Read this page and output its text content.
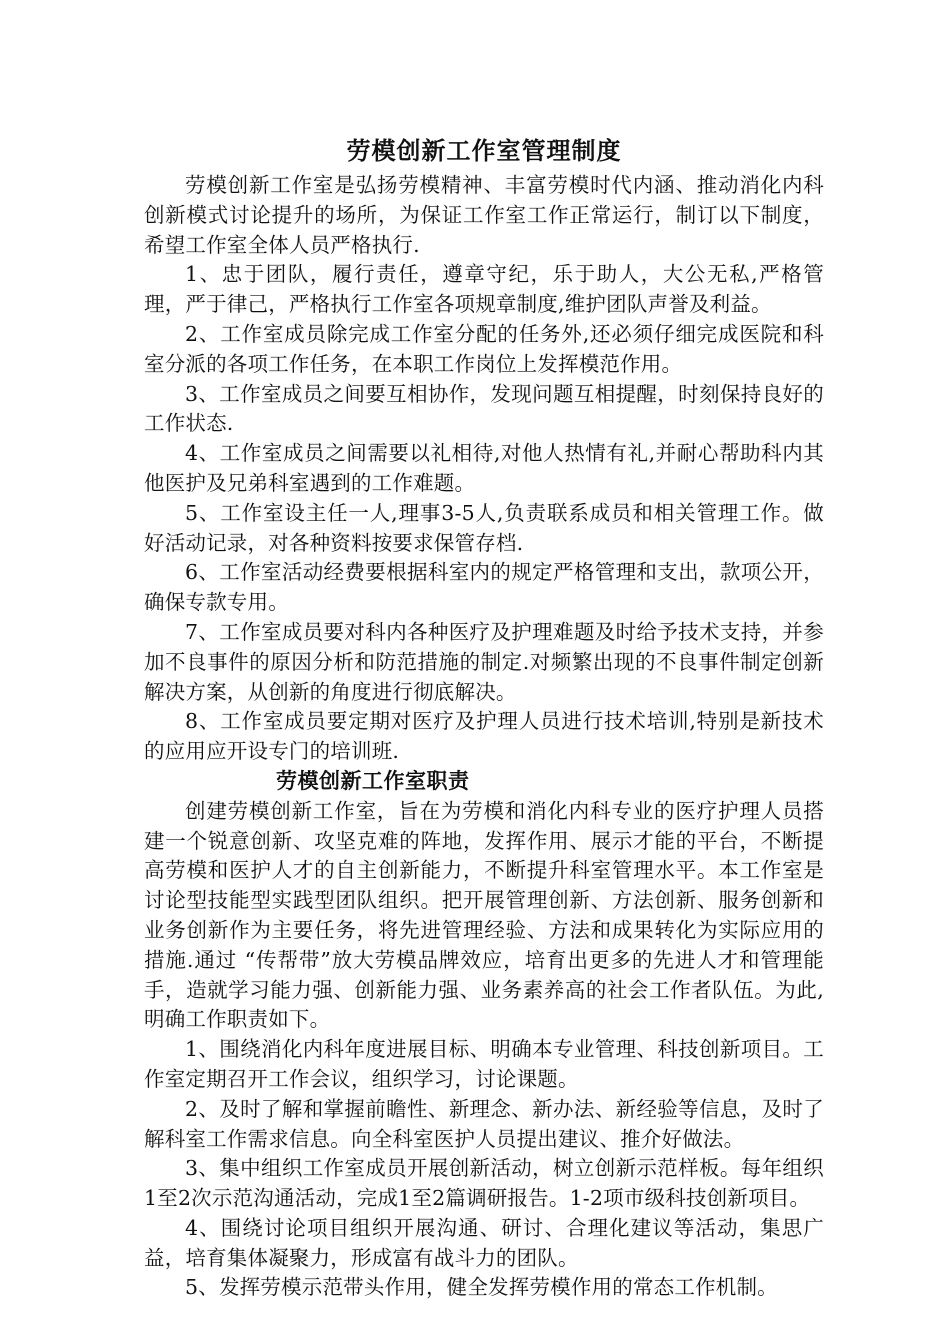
劳模创新工作室管理制度

劳模创新工作室是弘扬劳模精神、丰富劳模时代内涵、推动消化内科创新模式讨论提升的场所，为保证工作室工作正常运行，制订以下制度，希望工作室全体人员严格执行.

1、忠于团队，履行责任，遵章守纪，乐于助人，大公无私,严格管理，严于律己，严格执行工作室各项规章制度,维护团队声誉及利益。

2、工作室成员除完成工作室分配的任务外,还必须仔细完成医院和科室分派的各项工作任务，在本职工作岗位上发挥模范作用。

3、工作室成员之间要互相协作，发现问题互相提醒，时刻保持良好的工作状态.

4、工作室成员之间需要以礼相待,对他人热情有礼,并耐心帮助科内其他医护及兄弟科室遇到的工作难题。

5、工作室设主任一人,理事3-5人,负责联系成员和相关管理工作。做好活动记录，对各种资料按要求保管存档.

6、工作室活动经费要根据科室内的规定严格管理和支出，款项公开，确保专款专用。

7、工作室成员要对科内各种医疗及护理难题及时给予技术支持，并参加不良事件的原因分析和防范措施的制定.对频繁出现的不良事件制定创新解决方案，从创新的角度进行彻底解决。

8、工作室成员要定期对医疗及护理人员进行技术培训,特别是新技术的应用应开设专门的培训班.

劳模创新工作室职责

创建劳模创新工作室，旨在为劳模和消化内科专业的医疗护理人员搭建一个锐意创新、攻坚克难的阵地，发挥作用、展示才能的平台，不断提高劳模和医护人才的自主创新能力，不断提升科室管理水平。本工作室是讨论型技能型实践型团队组织。把开展管理创新、方法创新、服务创新和业务创新作为主要任务，将先进管理经验、方法和成果转化为实际应用的措施.通过 “传帮带”放大劳模品牌效应，培育出更多的先进人才和管理能手，造就学习能力强、创新能力强、业务素养高的社会工作者队伍。为此,明确工作职责如下。

1、围绕消化内科年度进展目标、明确本专业管理、科技创新项目。工作室定期召开工作会议，组织学习，讨论课题。

2、及时了解和掌握前瞻性、新理念、新办法、新经验等信息，及时了解科室工作需求信息。向全科室医护人员提出建议、推介好做法。

3、集中组织工作室成员开展创新活动，树立创新示范样板。每年组织1至2次示范沟通活动，完成1至2篇调研报告。1-2项市级科技创新项目。

4、围绕讨论项目组织开展沟通、研讨、合理化建议等活动，集思广益，培育集体凝聚力，形成富有战斗力的团队。

5、发挥劳模示范带头作用，健全发挥劳模作用的常态工作机制。
